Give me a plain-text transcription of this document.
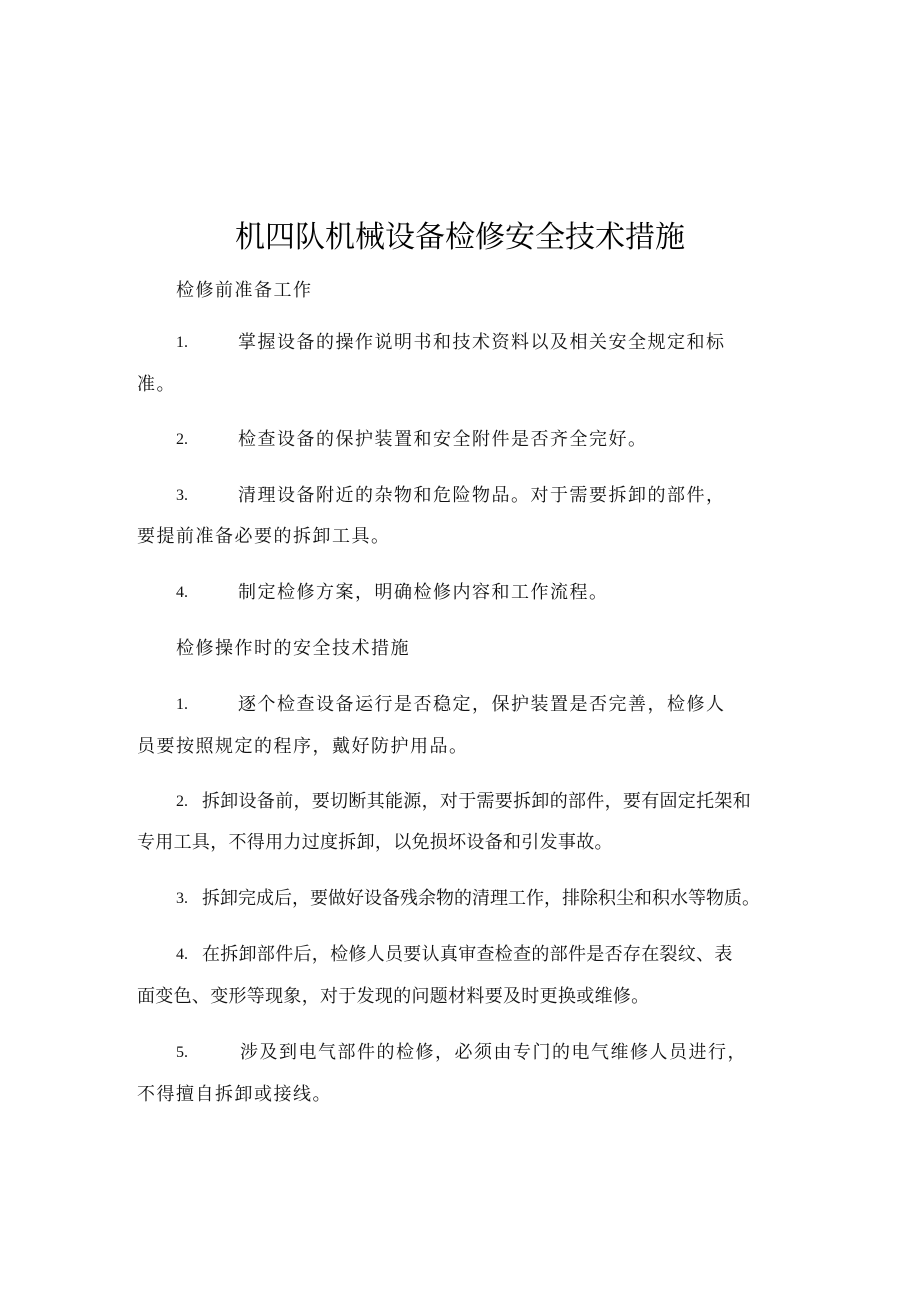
机四队机械设备检修安全技术措施
检修前准备工作
1.	掌握设备的操作说明书和技术资料以及相关安全规定和标
准。
2.	检查设备的保护装置和安全附件是否齐全完好。
3.	清理设备附近的杂物和危险物品。对于需要拆卸的部件，
要提前准备必要的拆卸工具。
4.	制定检修方案，明确检修内容和工作流程。
检修操作时的安全技术措施
1.	逐个检查设备运行是否稳定，保护装置是否完善，检修人
员要按照规定的程序，戴好防护用品。
2. 拆卸设备前，要切断其能源，对于需要拆卸的部件，要有固定托架和
专用工具，不得用力过度拆卸，以免损坏设备和引发事故。
3. 拆卸完成后，要做好设备残余物的清理工作，排除积尘和积水等物质。
4. 在拆卸部件后，检修人员要认真审查检查的部件是否存在裂纹、表
面变色、变形等现象，对于发现的问题材料要及时更换或维修。
5.	涉及到电气部件的检修，必须由专门的电气维修人员进行，
不得擅自拆卸或接线。
